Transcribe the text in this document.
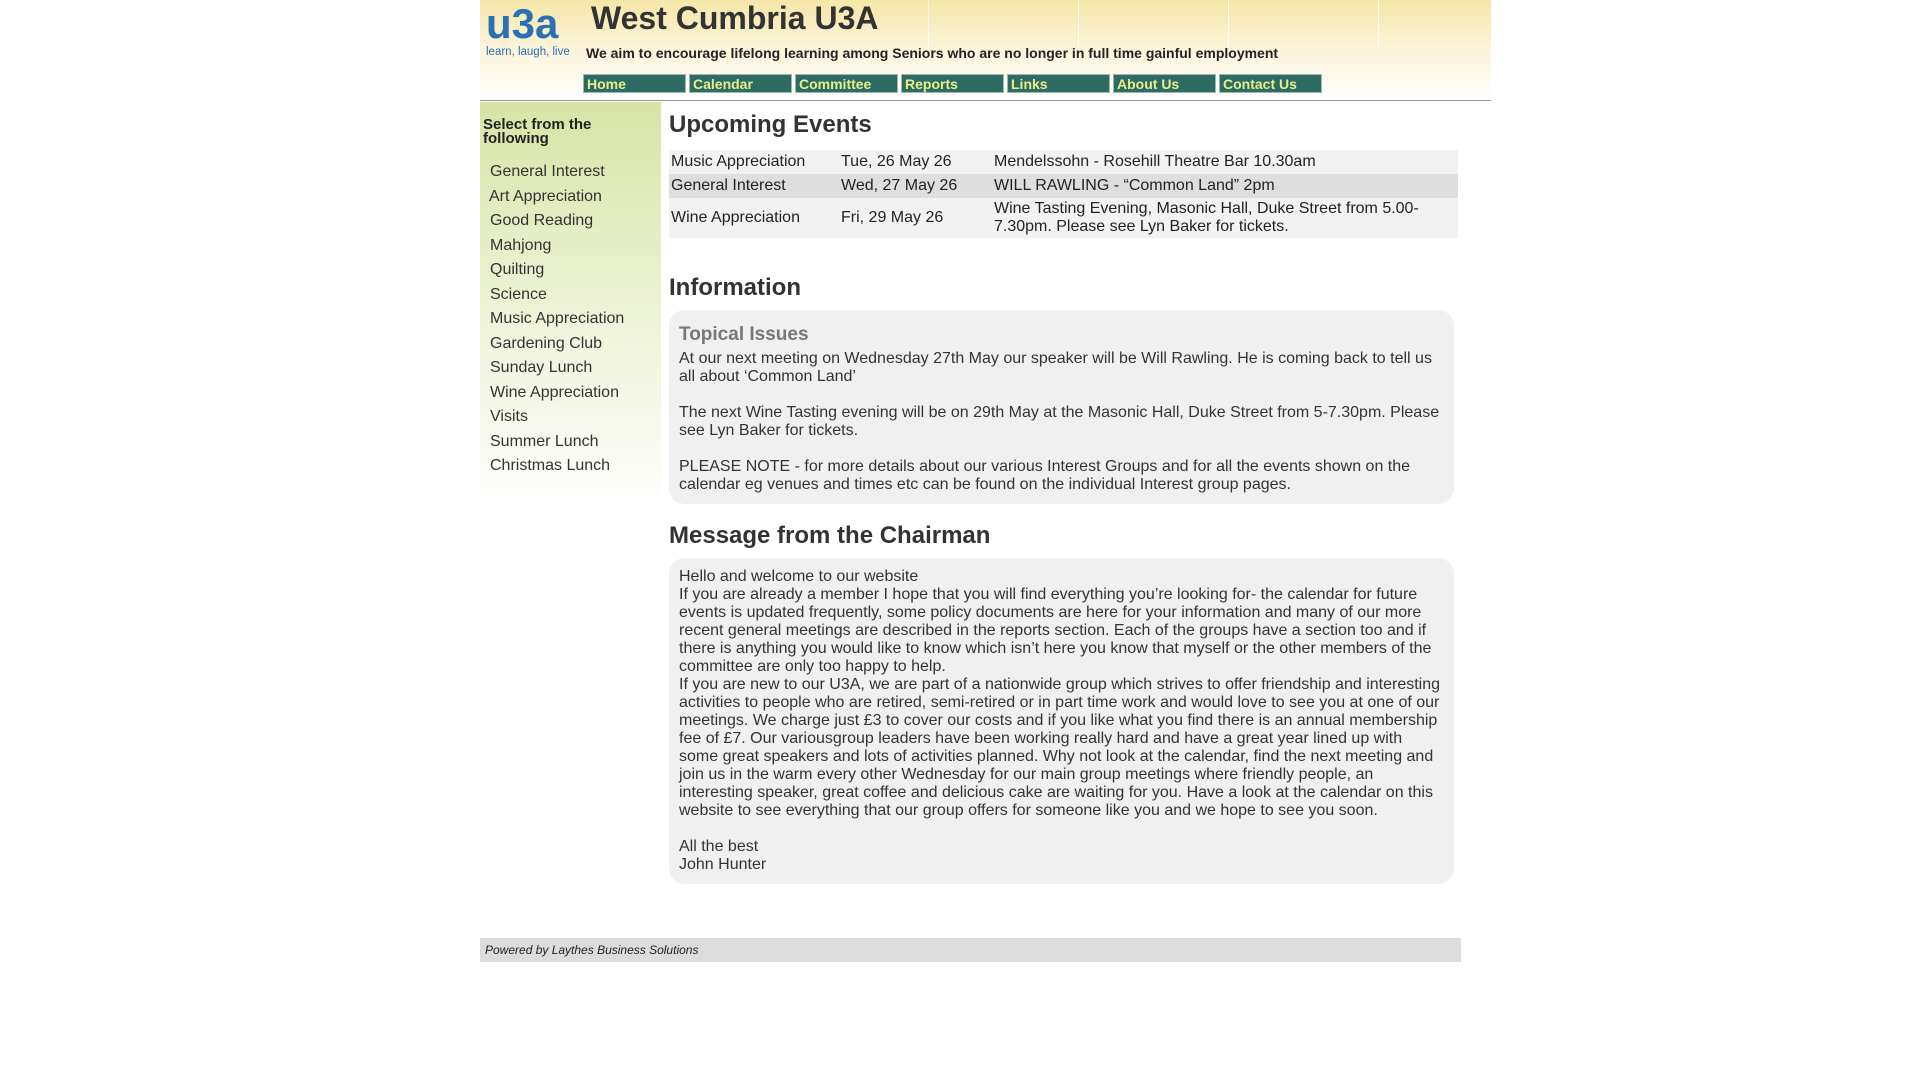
u3a
learn, laugh, live
West Cumbria U3A
We aim to encourage lifelong learning among Seniors who are no longer in full time gainful employment
Home	Calendar	Committee	Reports	Links	About Us	Contact Us
Select from the following
General Interest
Art Appreciation
Good Reading
Mahjong
Quilting
Science
Music Appreciation
Gardening Club
Sunday Lunch
Wine Appreciation
Visits
Summer Lunch
Christmas Lunch
Upcoming Events
Music Appreciation	Tue, 26 May 26	Mendelssohn - Rosehill Theatre Bar 10.30am
General Interest	Wed, 27 May 26	WILL RAWLING - “Common Land” 2pm
Wine Appreciation	Fri, 29 May 26	Wine Tasting Evening, Masonic Hall, Duke Street from 5.00-7.30pm. Please see Lyn Baker for tickets.
Information
Topical Issues

At our next meeting on Wednesday 27th May our speaker will be Will Rawling. He is coming back to tell us all about ‘Common Land’

The next Wine Tasting evening will be on 29th May at the Masonic Hall, Duke Street from 5-7.30pm. Please see Lyn Baker for tickets.

PLEASE NOTE - for more details about our various Interest Groups and for all the events shown on the calendar eg venues and times etc can be found on the individual Interest group pages.

Message from the Chairman
Hello and welcome to our website
If you are already a member I hope that you will find everything you’re looking for- the calendar for future events is updated frequently, some policy documents are here for your information and many of our more recent general meetings are described in the reports section. Each of the groups have a section too and if there is anything you would like to know which isn’t here you know that myself or the other members of the committee are only too happy to help.

If you are new to our U3A, we are part of a nationwide group which strives to offer friendship and interesting activities to people who are retired, semi-retired or in part time work and would love to see you at one of our meetings. We charge just £3 to cover our costs and if you like what you find there is an annual membership fee of £7. Our variousgroup leaders have been working really hard and have a great year lined up with some great speakers and lots of activities planned. Why not look at the calendar, find the next meeting and join us in the warm every other Wednesday for our main group meetings where friendly people, an interesting speaker, great coffee and delicious cake are waiting for you. Have a look at the calendar on this website to see everything that our group offers for someone like you and we hope to see you soon.

All the best
John Hunter
Powered by Laythes Business Solutions
